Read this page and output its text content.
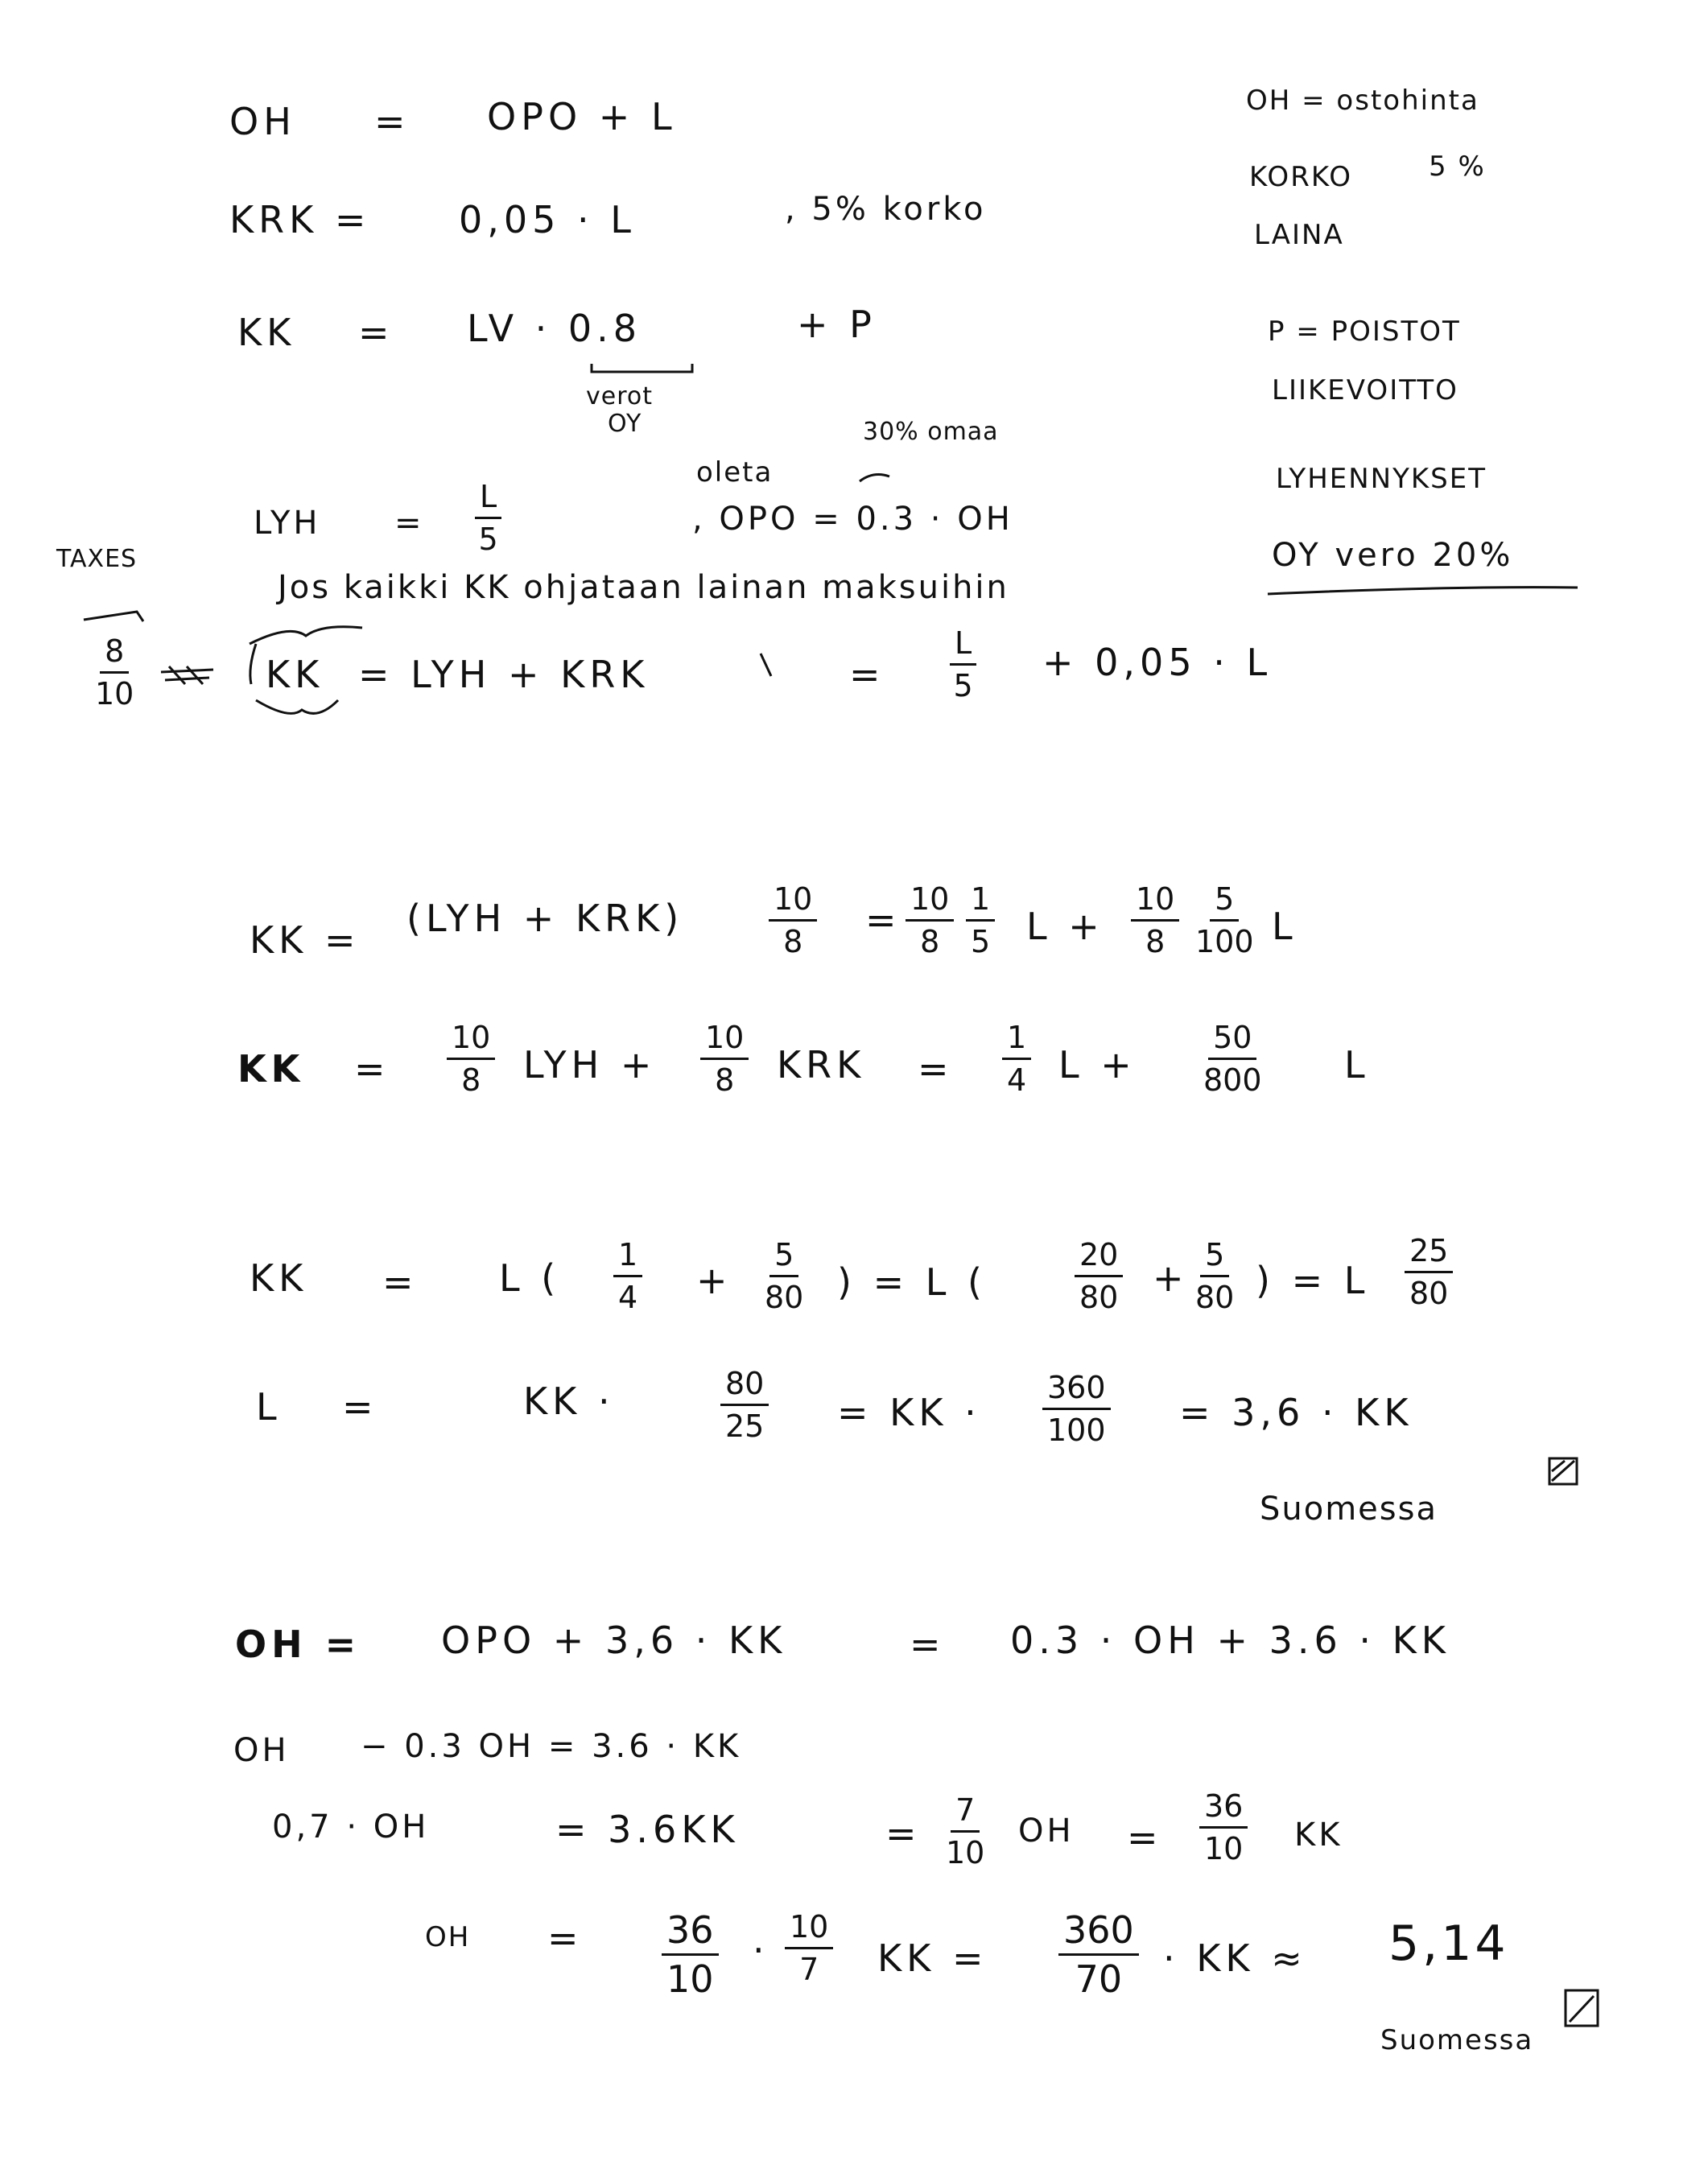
OH = ostohinta
KORKO	5 %
LAINA
P = POISTOT
LIIKEVOITTO
LYHENNYKSET
OY vero 20%
TAXES
$\frac{8}{10}$
OH = OPO + L
KRK = 0,05 · L	, 5% korko
KK = LV · 0.8	+ P
verot
OY	30% omaa
oleta
LYH = $\frac{L}{5}$	, OPO = 0.3 · OH
Jos kaikki KK ohjataan lainan maksuihin
KK = LYH + KRK	= $\frac{L}{5} + 0,05 \cdot L$
KK = (LYH + KRK)	$\frac{10}{8} = \frac{10}{8} \frac{1}{5}$ $L + \frac{10}{8} \frac{5}{100}$ L
KK = $\frac{10}{8}$ LYH + $\frac{10}{8}$ KRK = $\frac{1}{4}$ $L + \frac{50}{800}$ L
KK = L ( $\frac{1}{4} + \frac{5}{80}$ ) = L (	$\frac{20}{80} + \frac{5}{80}$ ) = L $\frac{25}{80}$
L =	KK ·	$\frac{80}{25}$ = KK · $\frac{360}{100} = 3,6$ · KK
Suomessa
OH = OPO + 3,6 · KK	= 0.3 · OH + 3.6 · KK
OH − 0.3 OH = 3.6 · KK
0,7 · OH	= 3.6KK	= $\frac{7}{10}$ OH = $\frac{36}{10}$ KK
OH = $\frac{36}{10} \cdot \frac{10}{7}$ KK = $\frac{360}{70}$ · KK ≈ 5,14
Suomessa
